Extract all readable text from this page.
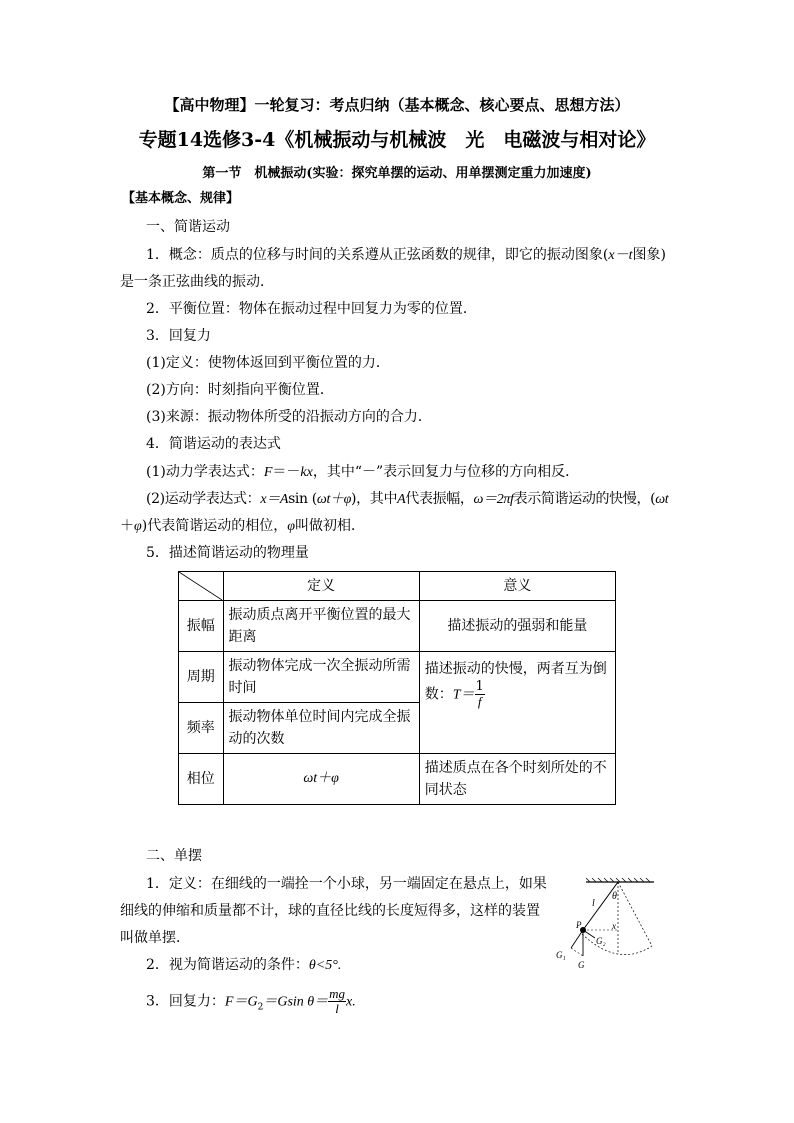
【高中物理】一轮复习：考点归纳（基本概念、核心要点、思想方法）
专题14选修3-4《机械振动与机械波　光　电磁波与相对论》
第一节　机械振动(实验：探究单摆的运动、用单摆测定重力加速度)
【基本概念、规律】
一、简谐运动
1．概念：质点的位移与时间的关系遵从正弦函数的规律，即它的振动图象(x－t图象)
是一条正弦曲线的振动．
2．平衡位置：物体在振动过程中回复力为零的位置．
3．回复力
(1)定义：使物体返回到平衡位置的力．
(2)方向：时刻指向平衡位置．
(3)来源：振动物体所受的沿振动方向的合力．
4．简谐运动的表达式
(1)动力学表达式：F＝－kx，其中“－”表示回复力与位移的方向相反．
(2)运动学表达式：x＝Asin (ωt＋φ)，其中A代表振幅，ω＝2πf表示简谐运动的快慢，(ωt
＋φ)代表简谐运动的相位，φ叫做初相．
5．描述简谐运动的物理量
	定义	意义
振幅	振动质点离开平衡位置的最大距离	描述振动的强弱和能量
周期	振动物体完成一次全振动所需时间	描述振动的快慢，两者互为倒数：$T= \frac{1}{f}$

频率	振动物体单位时间内完成全振动的次数	
相位	ωt＋φ	描述质点在各个时刻所处的不同状态
二、单摆
1．定义：在细线的一端拴一个小球，另一端固定在悬点上，如果
细线的伸缩和质量都不计，球的直径比线的长度短得多，这样的装置
叫做单摆．
2．视为简谐运动的条件：θ<5°.
3．回复力：$F=G_2=Gsin$ $\theta= \frac{mg}{l} x$.
θ
l
P
G₂
G₁
G
x
